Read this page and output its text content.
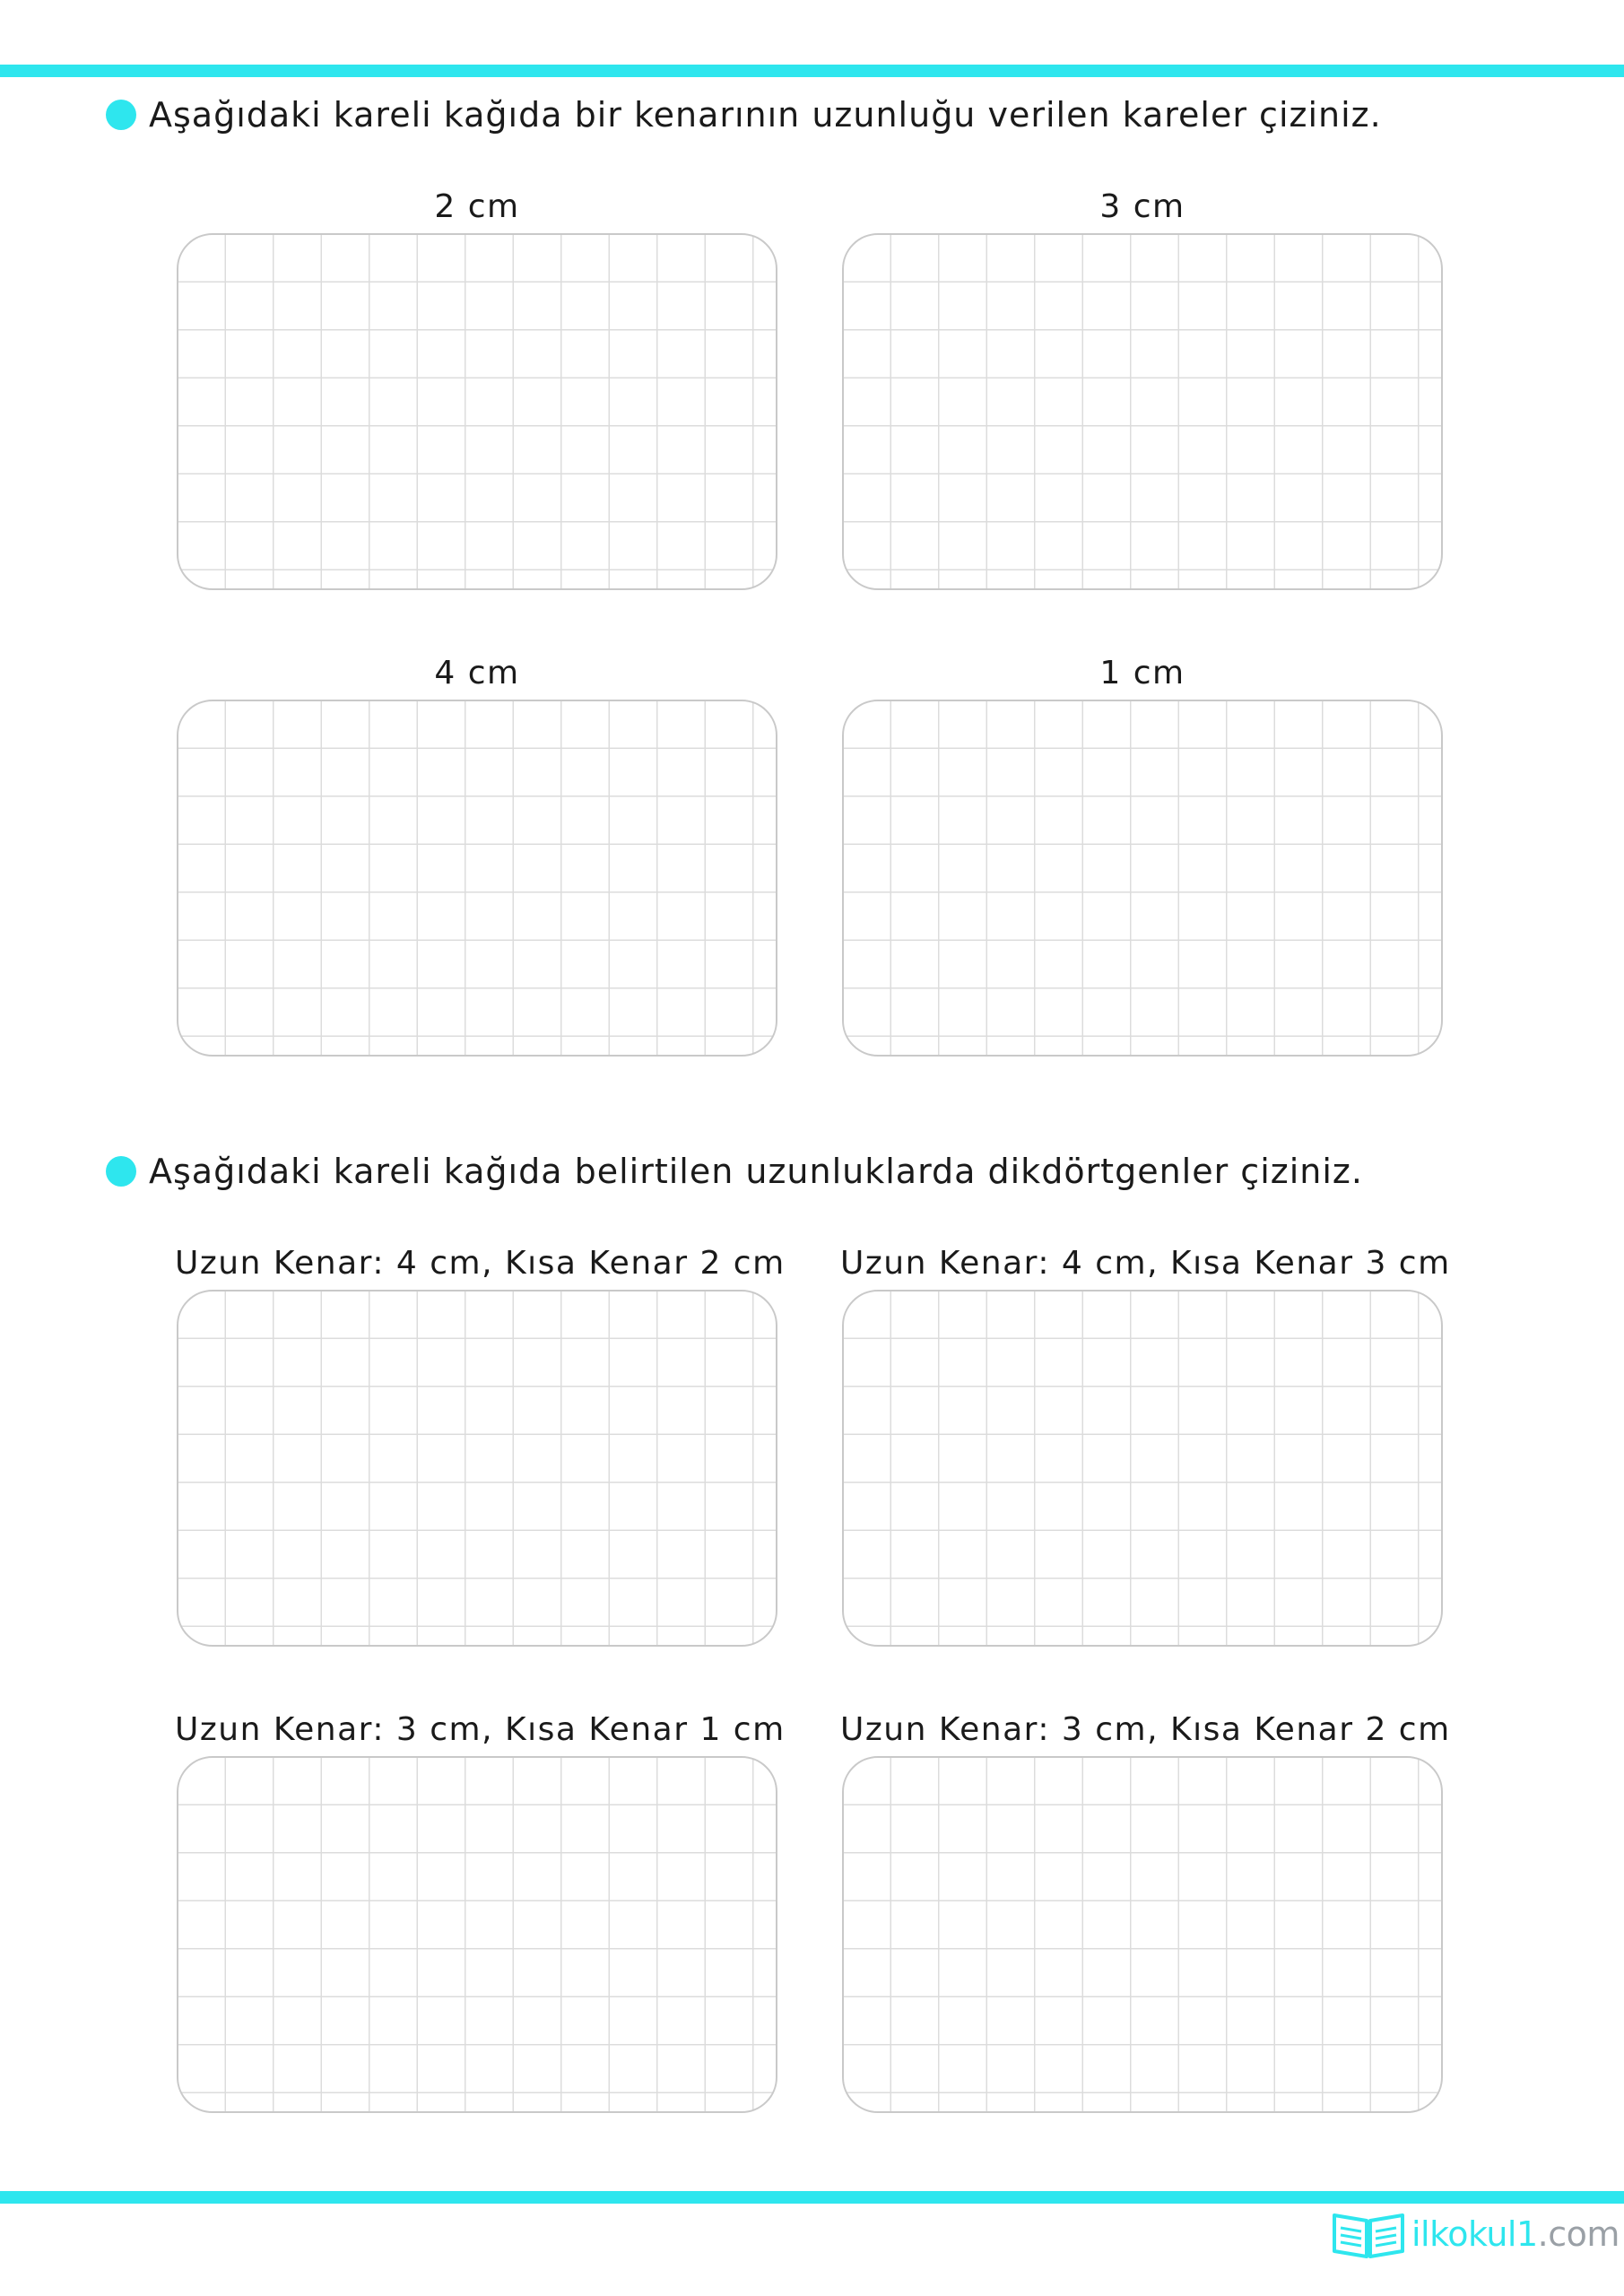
Aşağıdaki kareli kağıda bir kenarının uzunluğu verilen kareler çiziniz.
2 cm	3 cm
4 cm	1 cm
Aşağıdaki kareli kağıda belirtilen uzunluklarda dikdörtgenler çiziniz.
Uzun Kenar: 4 cm, Kısa Kenar 2 cm Uzun Kenar: 4 cm, Kısa Kenar 3 cm
Uzun Kenar: 3 cm, Kısa Kenar 1 cm Uzun Kenar: 3 cm, Kısa Kenar 2 cm
ilkokul1.com
